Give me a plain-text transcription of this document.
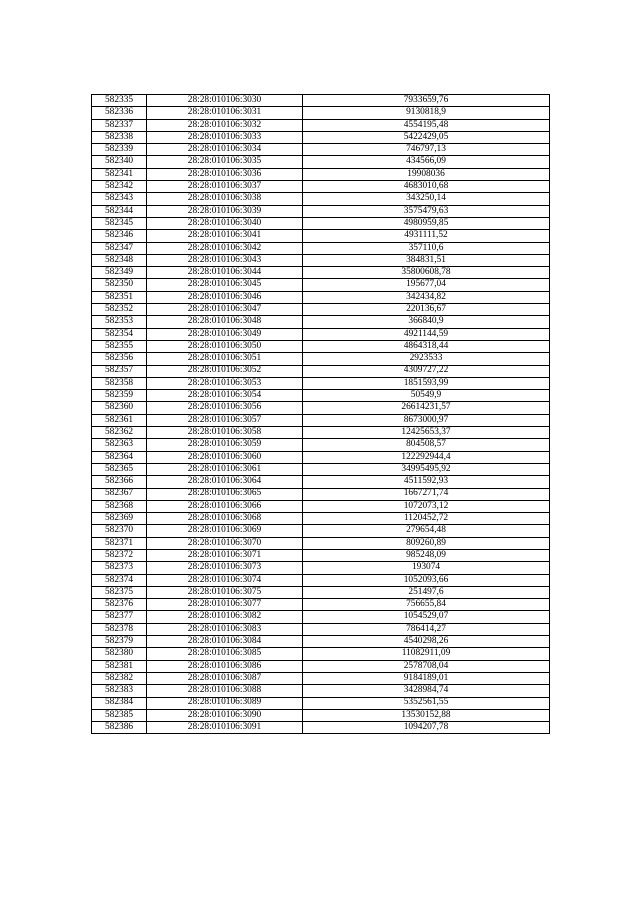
582335	28:28:010106:3030	7933659,76
582336	28:28:010106:3031	9130818,9
582337	28:28:010106:3032	4554195,48
582338	28:28:010106:3033	5422429,05
582339	28:28:010106:3034	746797,13
582340	28:28:010106:3035	434566,09
582341	28:28:010106:3036	19908036
582342	28:28:010106:3037	4683010,68
582343	28:28:010106:3038	343250,14
582344	28:28:010106:3039	3575479,63
582345	28:28:010106:3040	4980959,85
582346	28:28:010106:3041	4931111,52
582347	28:28:010106:3042	357110,6
582348	28:28:010106:3043	384831,51
582349	28:28:010106:3044	35800608,78
582350	28:28:010106:3045	195677,04
582351	28:28:010106:3046	342434,82
582352	28:28:010106:3047	220136,67
582353	28:28:010106:3048	366840,9
582354	28:28:010106:3049	4921144,59
582355	28:28:010106:3050	4864318,44
582356	28:28:010106:3051	2923533
582357	28:28:010106:3052	4309727,22
582358	28:28:010106:3053	1851593,99
582359	28:28:010106:3054	50549,9
582360	28:28:010106:3056	26614231,57
582361	28:28:010106:3057	8673000,97
582362	28:28:010106:3058	12425653,37
582363	28:28:010106:3059	804508,57
582364	28:28:010106:3060	122292944,4
582365	28:28:010106:3061	34995495,92
582366	28:28:010106:3064	4511592,93
582367	28:28:010106:3065	1667271,74
582368	28:28:010106:3066	1072073,12
582369	28:28:010106:3068	1120452,72
582370	28:28:010106:3069	279654,48
582371	28:28:010106:3070	809260,89
582372	28:28:010106:3071	985248,09
582373	28:28:010106:3073	193074
582374	28:28:010106:3074	1052093,66
582375	28:28:010106:3075	251497,6
582376	28:28:010106:3077	756655,84
582377	28:28:010106:3082	1054529,07
582378	28:28:010106:3083	786414,27
582379	28:28:010106:3084	4540298,26
582380	28:28:010106:3085	11082911,09
582381	28:28:010106:3086	2578708,04
582382	28:28:010106:3087	9184189,01
582383	28:28:010106:3088	3428984,74
582384	28:28:010106:3089	5352561,55
582385	28:28:010106:3090	13530152,88
582386	28:28:010106:3091	1094207,78
